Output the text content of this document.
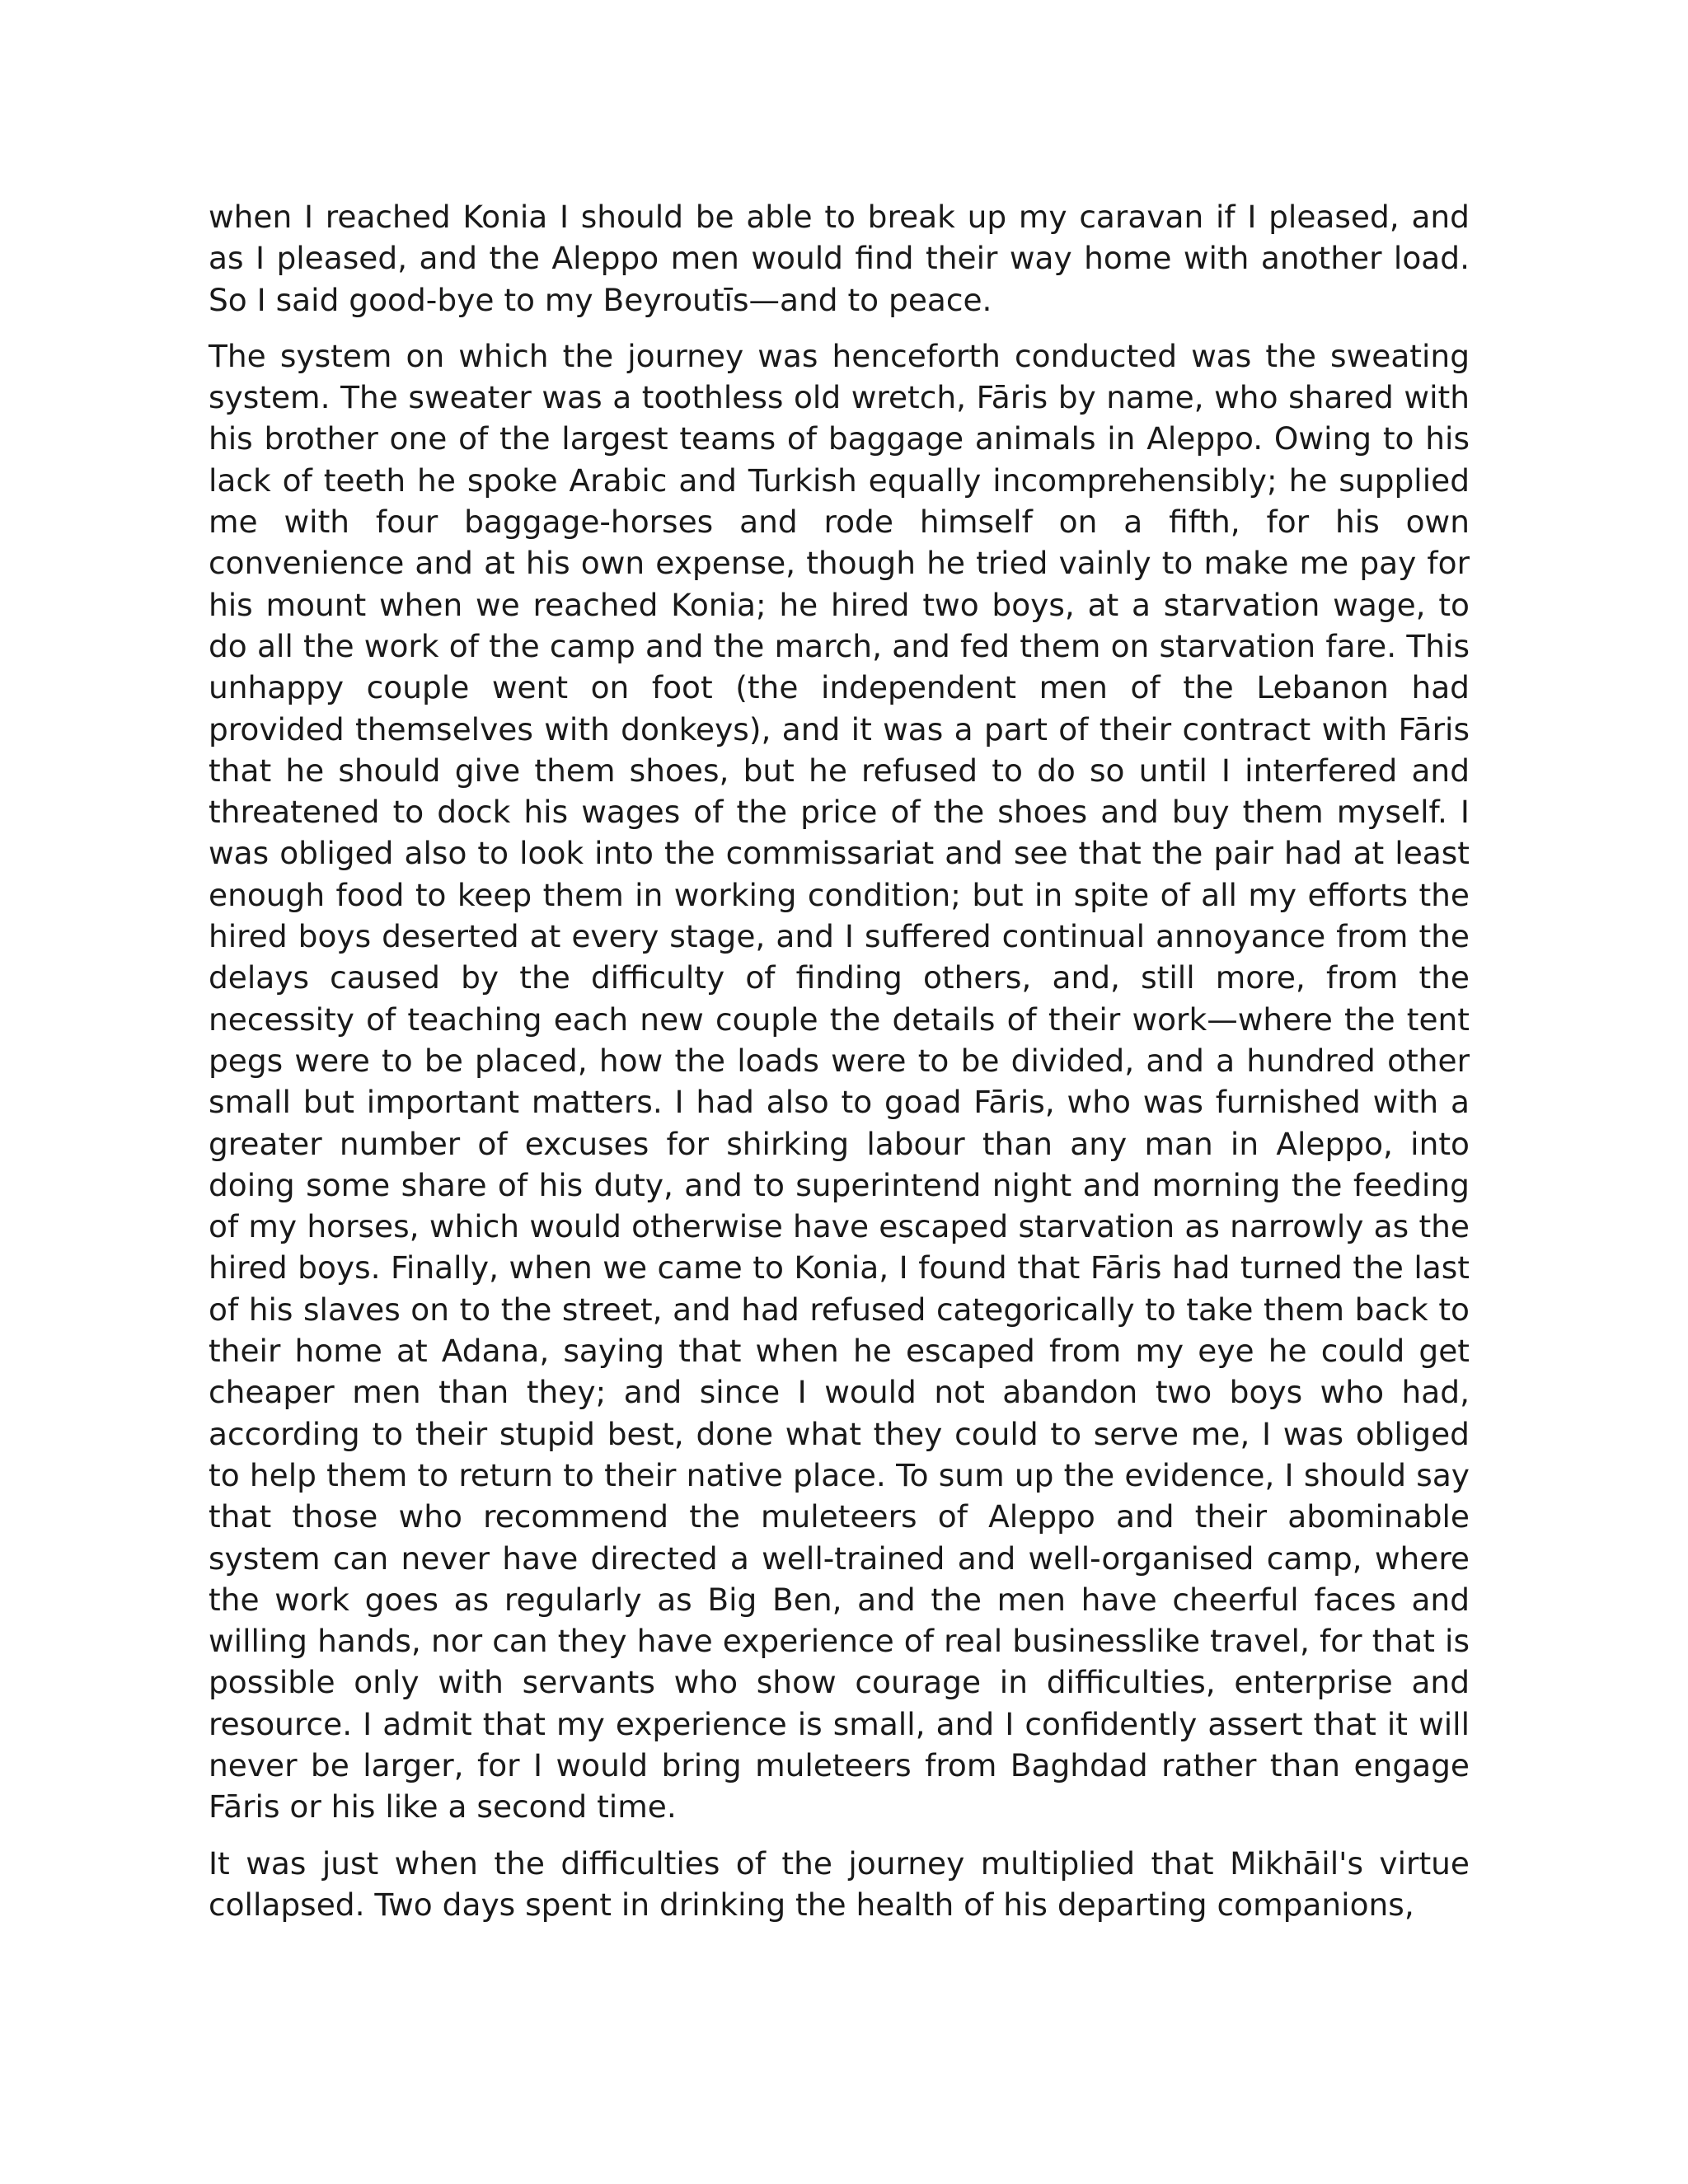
when I reached Konia I should be able to break up my caravan if I pleased, and as I pleased, and the Aleppo men would find their way home with another load. So I said good-bye to my Beyroutīs—and to peace.

The system on which the journey was henceforth conducted was the sweating system. The sweater was a toothless old wretch, Fāris by name, who shared with his brother one of the largest teams of baggage animals in Aleppo. Owing to his lack of teeth he spoke Arabic and Turkish equally incomprehensibly; he supplied me with four baggage-horses and rode himself on a fifth, for his own convenience and at his own expense, though he tried vainly to make me pay for his mount when we reached Konia; he hired two boys, at a starvation wage, to do all the work of the camp and the march, and fed them on starvation fare. This unhappy couple went on foot (the independent men of the Lebanon had provided themselves with donkeys), and it was a part of their contract with Fāris that he should give them shoes, but he refused to do so until I interfered and threatened to dock his wages of the price of the shoes and buy them myself. I was obliged also to look into the commissariat and see that the pair had at least enough food to keep them in working condition; but in spite of all my efforts the hired boys deserted at every stage, and I suffered continual annoyance from the delays caused by the difficulty of finding others, and, still more, from the necessity of teaching each new couple the details of their work—where the tent pegs were to be placed, how the loads were to be divided, and a hundred other small but important matters. I had also to goad Fāris, who was furnished with a greater number of excuses for shirking labour than any man in Aleppo, into doing some share of his duty, and to superintend night and morning the feeding of my horses, which would otherwise have escaped starvation as narrowly as the hired boys. Finally, when we came to Konia, I found that Fāris had turned the last of his slaves on to the street, and had refused categorically to take them back to their home at Adana, saying that when he escaped from my eye he could get cheaper men than they; and since I would not abandon two boys who had, according to their stupid best, done what they could to serve me, I was obliged to help them to return to their native place. To sum up the evidence, I should say that those who recommend the muleteers of Aleppo and their abominable system can never have directed a well-trained and well-organised camp, where the work goes as regularly as Big Ben, and the men have cheerful faces and willing hands, nor can they have experience of real businesslike travel, for that is possible only with servants who show courage in difficulties, enterprise and resource. I admit that my experience is small, and I confidently assert that it will never be larger, for I would bring muleteers from Baghdad rather than engage Fāris or his like a second time.

It was just when the difficulties of the journey multiplied that Mikhāil's virtue collapsed. Two days spent in drinking the health of his departing companions,
